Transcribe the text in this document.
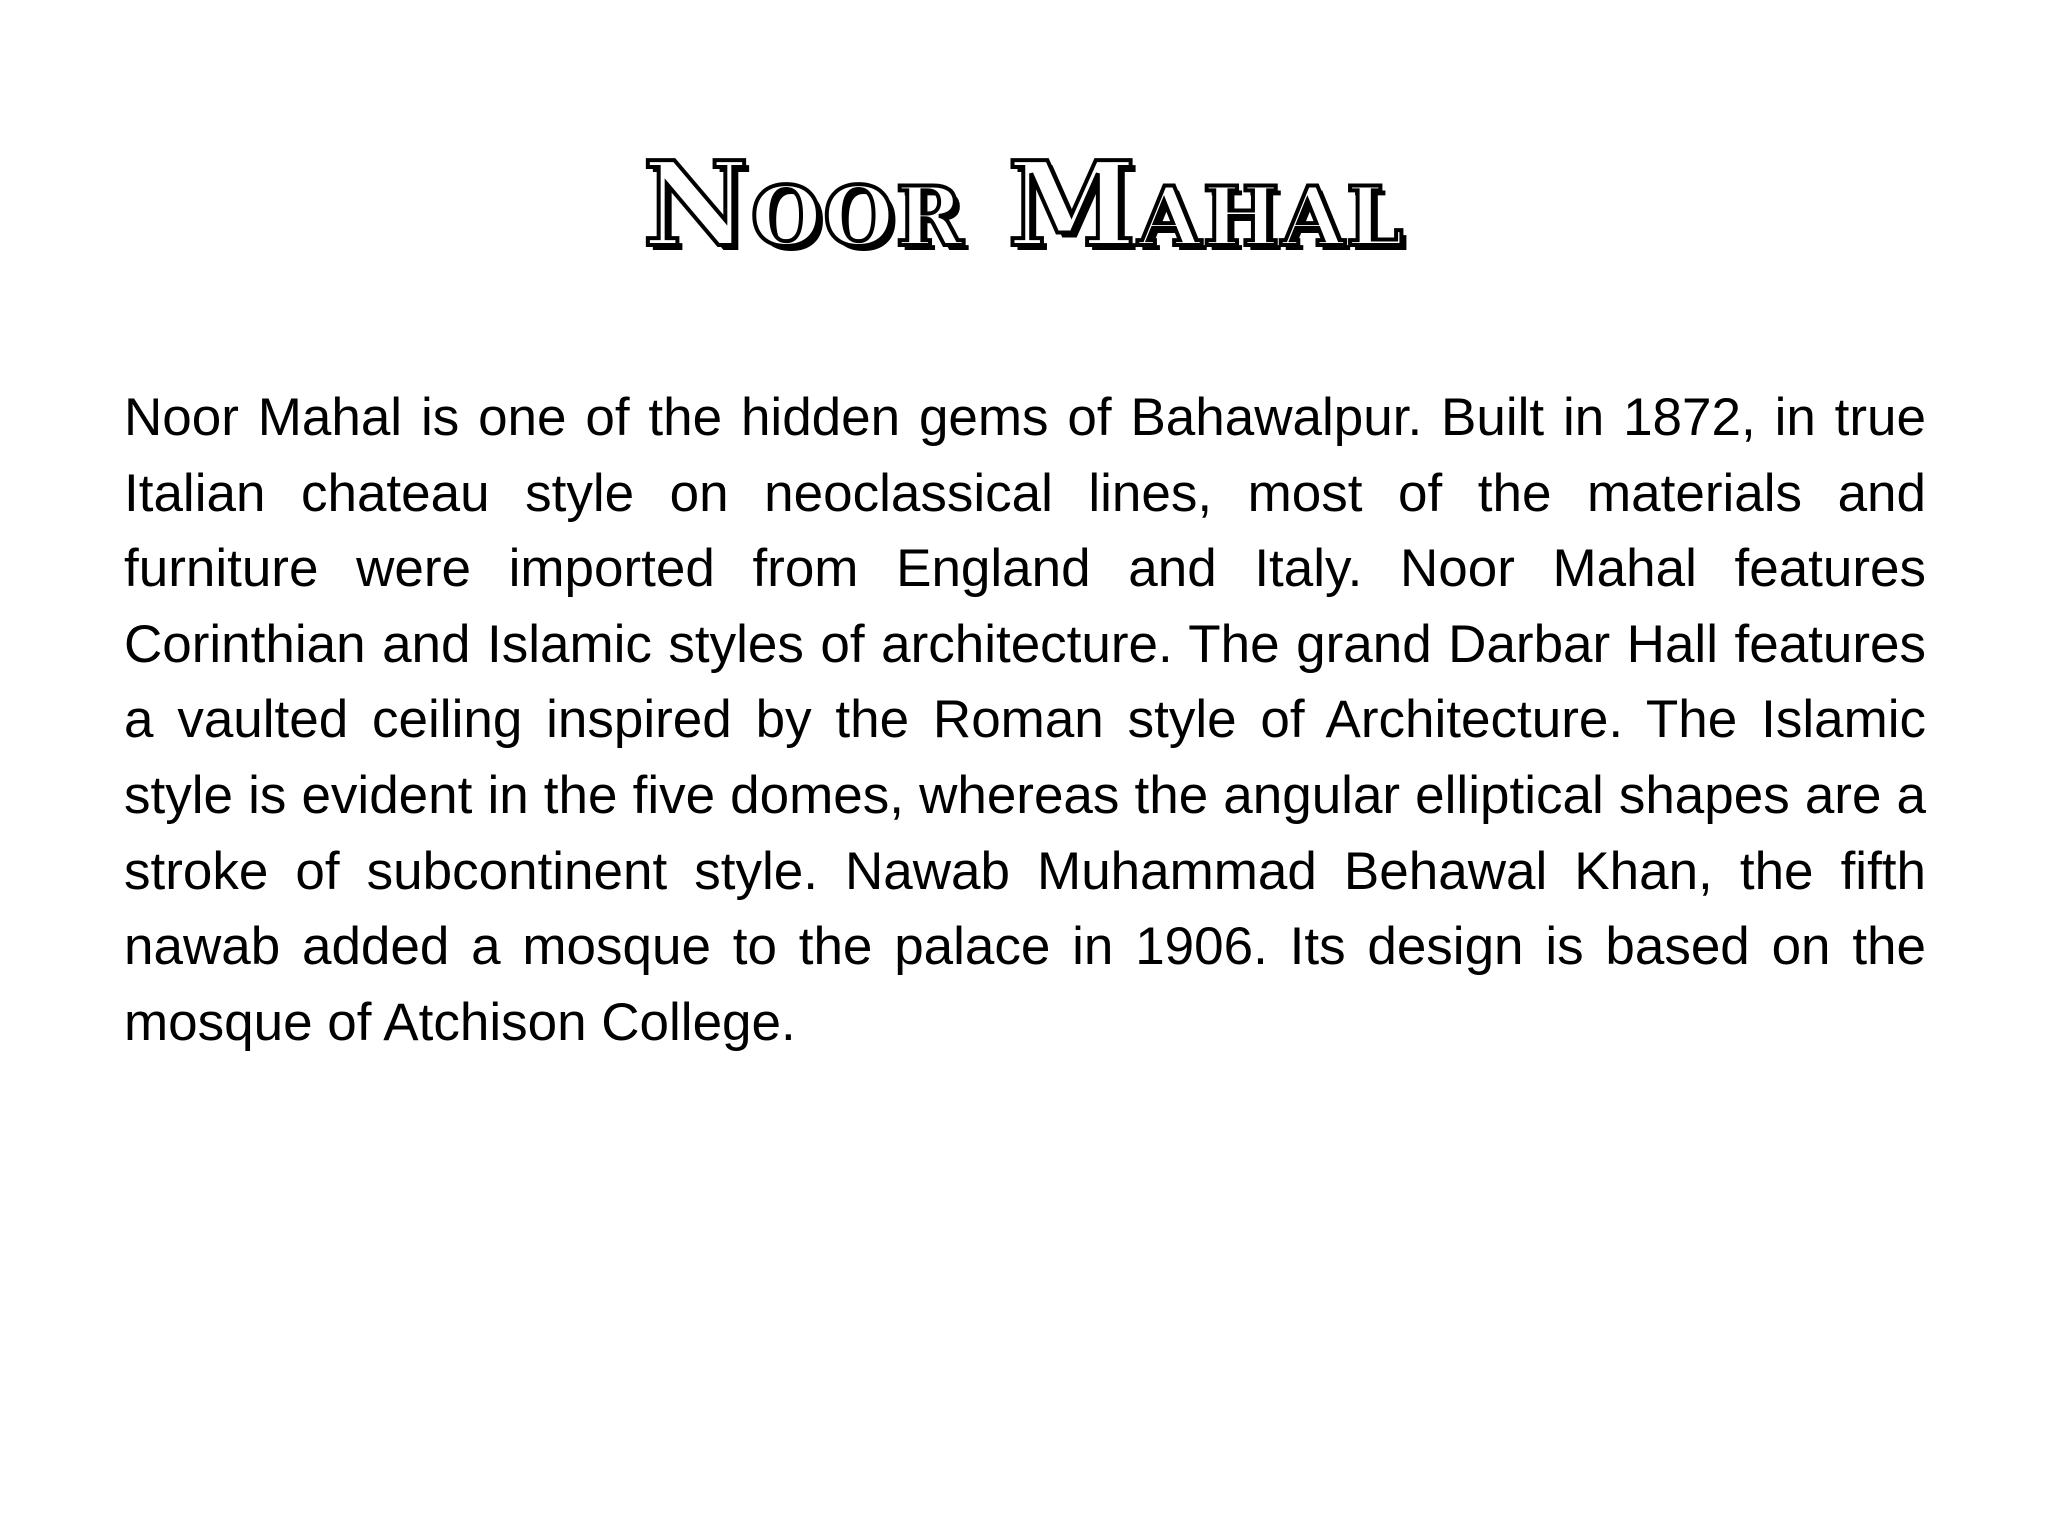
Noor Mahal

Noor Mahal is one of the hidden gems of Bahawalpur. Built in 1872, in true Italian chateau style on neoclassical lines, most of the materials and furniture were imported from England and Italy. Noor Mahal features Corinthian and Islamic styles of architecture. The grand Darbar Hall features a vaulted ceiling inspired by the Roman style of Architecture. The Islamic style is evident in the five domes, whereas the angular elliptical shapes are a stroke of subcontinent style. Nawab Muhammad Behawal Khan, the fifth nawab added a mosque to the palace in 1906. Its design is based on the mosque of Atchison College.
